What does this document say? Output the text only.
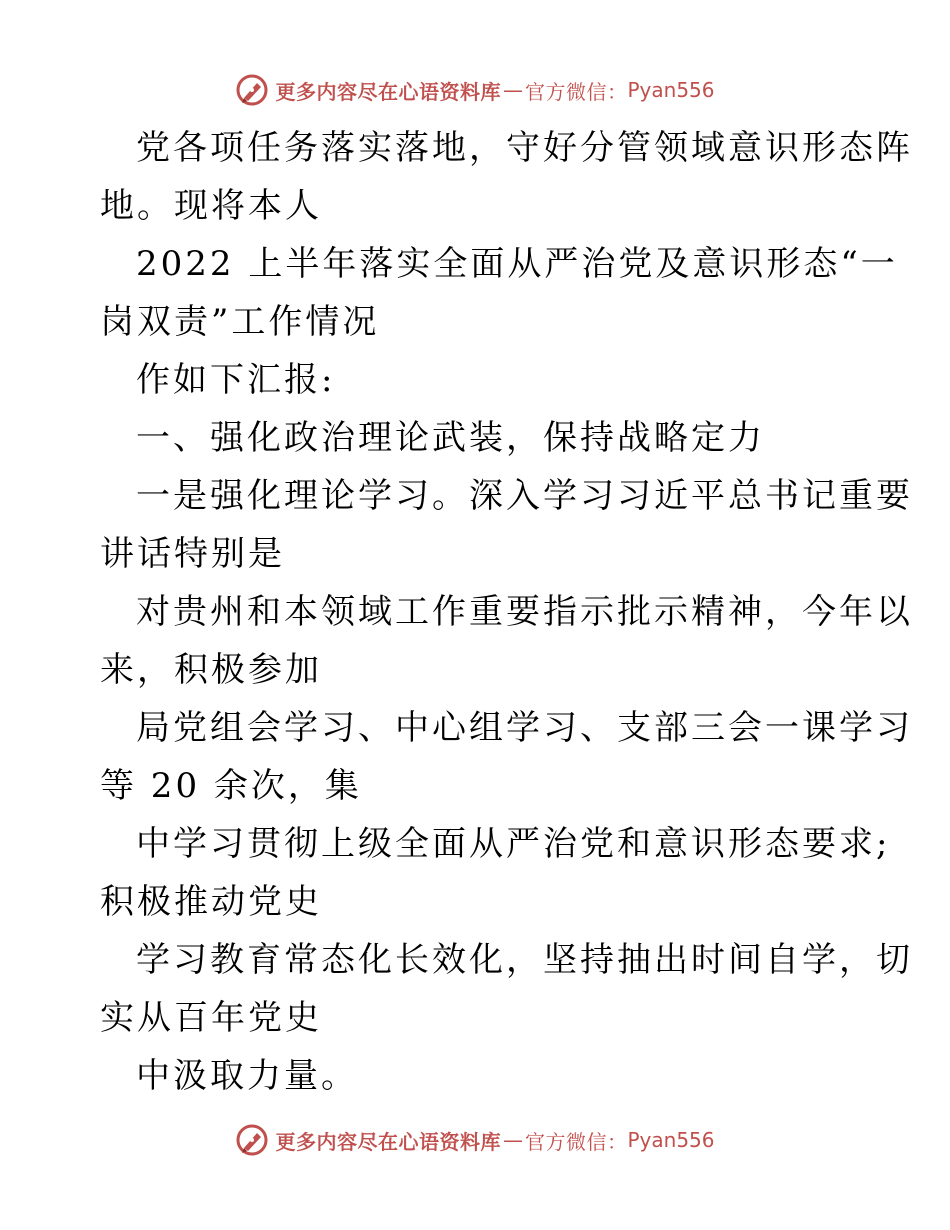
更多内容尽在心语资料库 — 官方微信： Pyan556
党各项任务落实落地，守好分管领域意识形态阵
地。现将本人
2022 上半年落实全面从严治党及意识形态“一
岗双责”工作情况
作如下汇报:
一、强化政治理论武装，保持战略定力
一是强化理论学习。深入学习习近平总书记重要
讲话特别是
对贵州和本领域工作重要指示批示精神，今年以
来，积极参加
局党组会学习、中心组学习、支部三会一课学习
等 20 余次，集
中学习贯彻上级全面从严治党和意识形态要求;
积极推动党史
学习教育常态化长效化，坚持抽出时间自学，切
实从百年党史
中汲取力量。
更多内容尽在心语资料库 — 官方微信： Pyan556
